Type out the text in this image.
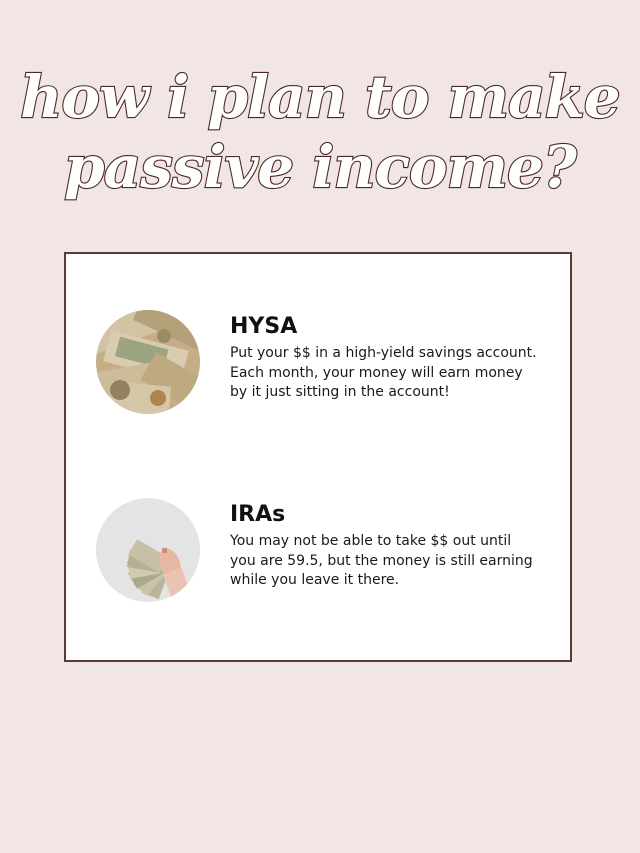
how i plan to make
passive income?
HYSA

Put your $$ in a high-yield savings account. Each month, your money will earn money by it just sitting in the account!

IRAs

You may not be able to take $$ out until you are 59.5, but the money is still earning while you leave it there.
